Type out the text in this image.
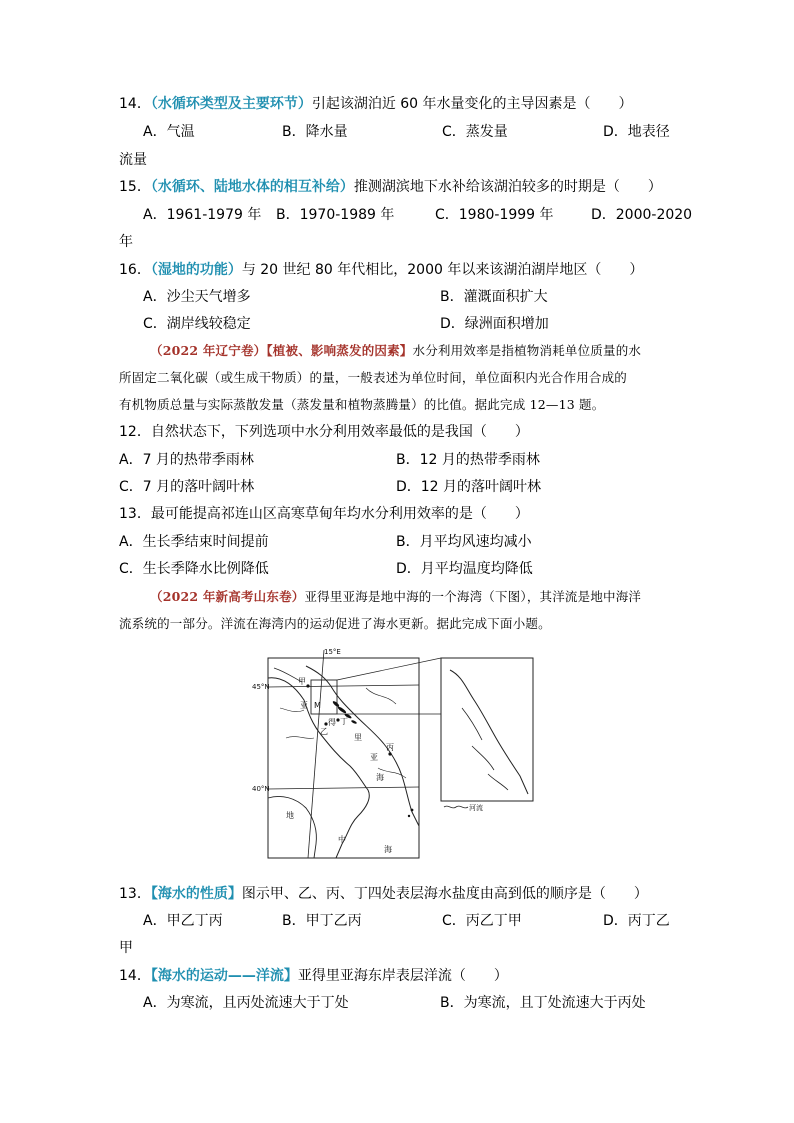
14．（水循环类型及主要环节）引起该湖泊近 60 年水量变化的主导因素是（　　）
A．气温	B．降水量	C．蒸发量	D．地表径
流量
15．（水循环、陆地水体的相互补给）推测湖滨地下水补给该湖泊较多的时期是（　　）
A．1961-1979 年 B．1970-1989 年	C．1980-1999 年	D．2000-2020
年
16．（湿地的功能）与 20 世纪 80 年代相比，2000 年以来该湖泊湖岸地区（　　）
A．沙尘天气增多	B．灌溉面积扩大
C．湖岸线较稳定	D．绿洲面积增加
（2022 年辽宁卷）【植被、影响蒸发的因素】水分利用效率是指植物消耗单位质量的水
所固定二氧化碳（或生成干物质）的量，一般表述为单位时间，单位面积内光合作用合成的
有机物质总量与实际蒸散发量（蒸发量和植物蒸腾量）的比值。据此完成 12—13 题。
12．自然状态下，下列选项中水分利用效率最低的是我国（　　）
A．7 月的热带季雨林	B．12 月的热带季雨林
C．7 月的落叶阔叶林	D．12 月的落叶阔叶林
13．最可能提高祁连山区高寒草甸年均水分利用效率的是（　　）
A．生长季结束时间提前	B．月平均风速均减小
C．生长季降水比例降低	D．月平均温度均降低
（2022 年新高考山东卷）亚得里亚海是地中海的一个海湾（下图），其洋流是地中海洋
流系统的一部分。洋流在海湾内的运动促进了海水更新。据此完成下面小题。
15°E
45°N
40°N
河流
甲
亚 M
得 丁
乙
里
亚
丙
海
地
中
海
13．【海水的性质】图示甲、乙、丙、丁四处表层海水盐度由高到低的顺序是（　　）
A．甲乙丁丙	B．甲丁乙丙	C．丙乙丁甲	D．丙丁乙
甲
14．【海水的运动——洋流】亚得里亚海东岸表层洋流（　　）
A．为寒流，且丙处流速大于丁处	B．为寒流，且丁处流速大于丙处
